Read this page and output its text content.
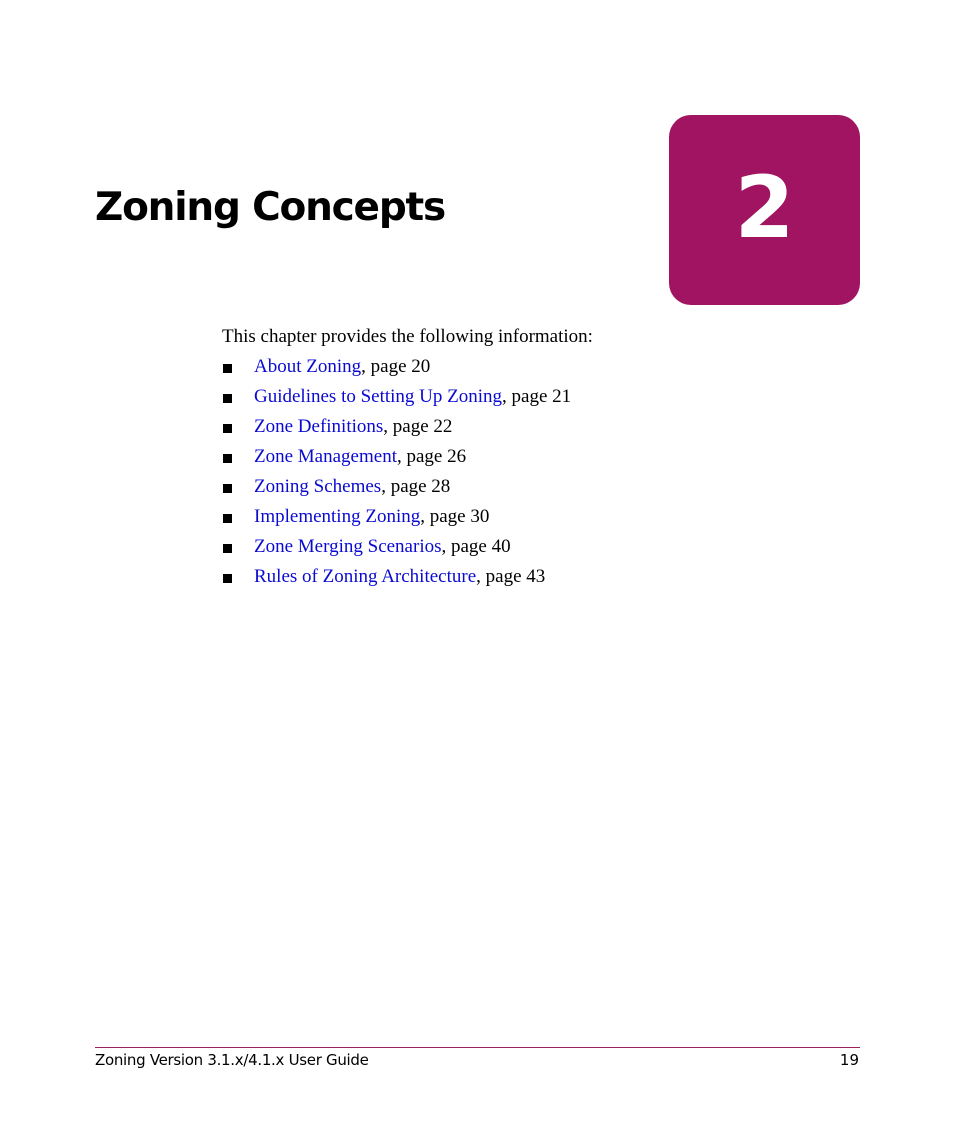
Zoning Concepts	2

This chapter provides the following information:

About Zoning, page 20
Guidelines to Setting Up Zoning, page 21
Zone Definitions, page 22
Zone Management, page 26
Zoning Schemes, page 28
Implementing Zoning, page 30
Zone Merging Scenarios, page 40
Rules of Zoning Architecture, page 43
Zoning Version 3.1.x/4.1.x User Guide	19
